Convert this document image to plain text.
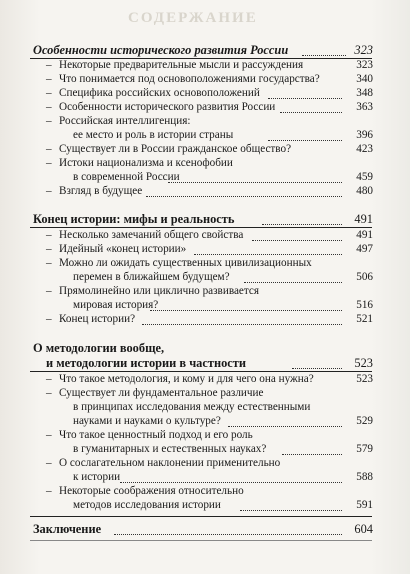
СОДЕРЖАНИЕ
Особенности исторического развития России	323
– Некоторые предварительные мысли и рассуждения	323
– Что понимается под основоположениями государства?	340
– Специфика российских основоположений	348
– Особенности исторического развития России	363
– Российская интеллигенция:
ее место и роль в истории страны	396
– Существует ли в России гражданское общество?	423
– Истоки национализма и ксенофобии
в современной России	459
– Взгляд в будущее	480
Конец истории: мифы и реальность	491
– Несколько замечаний общего свойства	491
– Идейный «конец истории»	497
– Можно ли ожидать существенных цивилизационных
перемен в ближайшем будущем?	506
– Прямолинейно или циклично развивается
мировая история?	516
– Конец истории?	521
О методологии вообще,
и методологии истории в частности	523
– Что такое методология, и кому и для чего она нужна?	523
– Существует ли фундаментальное различие
в принципах исследования между естественными
науками и науками о культуре?	529
– Что такое ценностный подход и его роль
в гуманитарных и естественных науках?	579
– О сослагательном наклонении применительно
к истории	588
– Некоторые соображения относительно
методов исследования истории	591
Заключение	604
